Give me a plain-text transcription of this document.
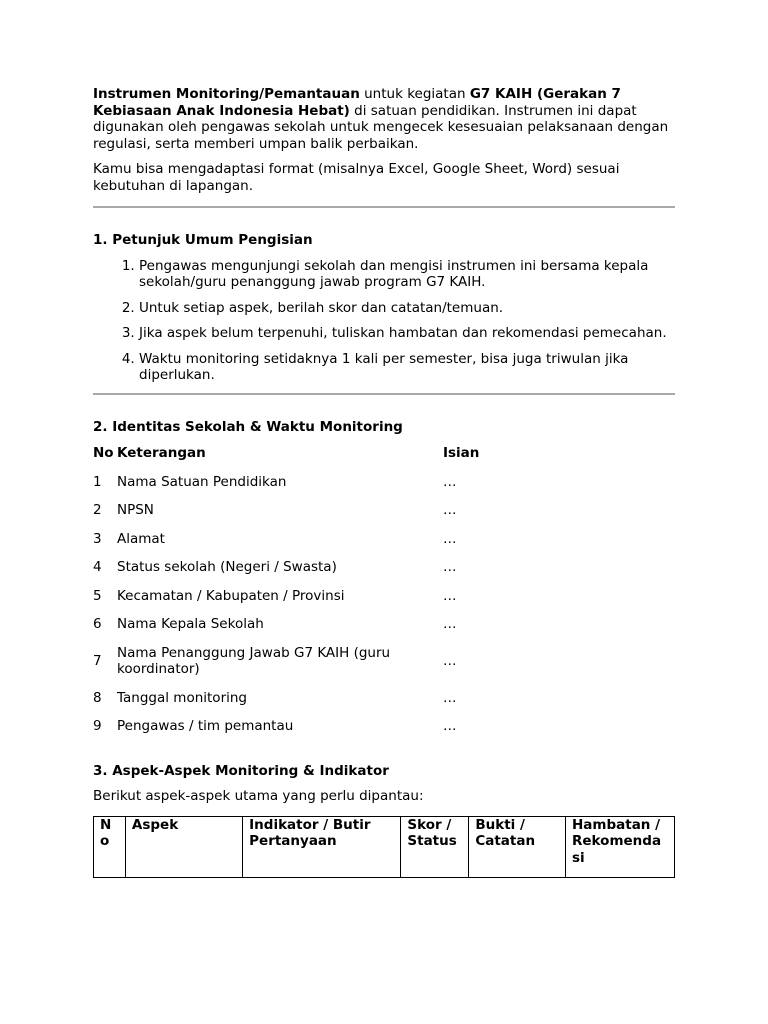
Instrumen Monitoring/Pemantauan untuk kegiatan G7 KAIH (Gerakan 7 Kebiasaan Anak Indonesia Hebat) di satuan pendidikan. Instrumen ini dapat digunakan oleh pengawas sekolah untuk mengecek kesesuaian pelaksanaan dengan regulasi, serta memberi umpan balik perbaikan.

Kamu bisa mengadaptasi format (misalnya Excel, Google Sheet, Word) sesuai kebutuhan di lapangan.

1. Petunjuk Umum Pengisian
1. Pengawas mengunjungi sekolah dan mengisi instrumen ini bersama kepala sekolah/guru penanggung jawab program G7 KAIH.
2. Untuk setiap aspek, berilah skor dan catatan/temuan.
3. Jika aspek belum terpenuhi, tuliskan hambatan dan rekomendasi pemecahan.
4. Waktu monitoring setidaknya 1 kali per semester, bisa juga triwulan jika diperlukan.
2. Identitas Sekolah & Waktu Monitoring
No	Keterangan	Isian
1	Nama Satuan Pendidikan	…
2	NPSN	…
3	Alamat	…
4	Status sekolah (Negeri / Swasta)	…
5	Kecamatan / Kabupaten / Provinsi	…
6	Nama Kepala Sekolah	…
7	Nama Penanggung Jawab G7 KAIH (guru koordinator)	…
8	Tanggal monitoring	…
9	Pengawas / tim pemantau	…
3. Aspek-Aspek Monitoring & Indikator

Berikut aspek-aspek utama yang perlu dipantau:

No	Aspek	Indikator / Butir Pertanyaan	Skor / Status	Bukti / Catatan	Hambatan / Rekomendasi
